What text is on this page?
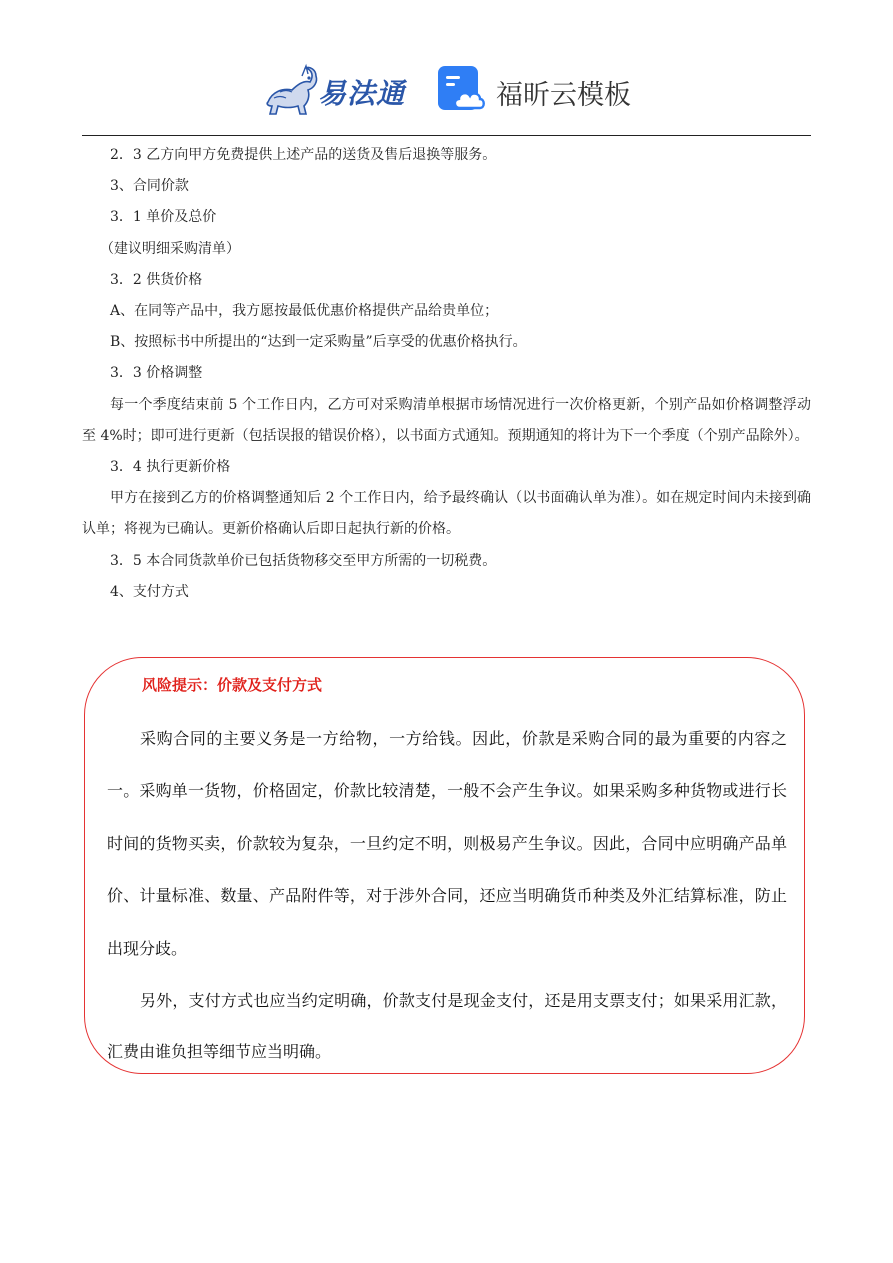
易法通	福昕云模板

2．3 乙方向甲方免费提供上述产品的送货及售后退换等服务。

3、合同价款

3．1 单价及总价

（建议明细采购清单）

3．2 供货价格

A、在同等产品中，我方愿按最低优惠价格提供产品给贵单位；

B、按照标书中所提出的“达到一定采购量”后享受的优惠价格执行。

3．3 价格调整

每一个季度结束前 5 个工作日内，乙方可对采购清单根据市场情况进行一次价格更新，个别产品如价格调整浮动至 4%时；即可进行更新（包括误报的错误价格），以书面方式通知。预期通知的将计为下一个季度（个别产品除外）。

3．4 执行更新价格

甲方在接到乙方的价格调整通知后 2 个工作日内，给予最终确认（以书面确认单为准）。如在规定时间内未接到确认单；将视为已确认。更新价格确认后即日起执行新的价格。

3．5 本合同货款单价已包括货物移交至甲方所需的一切税费。

4、支付方式

风险提示：价款及支付方式

采购合同的主要义务是一方给物，一方给钱。因此，价款是采购合同的最为重要的内容之一。采购单一货物，价格固定，价款比较清楚，一般不会产生争议。如果采购多种货物或进行长时间的货物买卖，价款较为复杂，一旦约定不明，则极易产生争议。因此，合同中应明确产品单价、计量标准、数量、产品附件等，对于涉外合同，还应当明确货币种类及外汇结算标准，防止出现分歧。

另外，支付方式也应当约定明确，价款支付是现金支付，还是用支票支付；如果采用汇款，汇费由谁负担等细节应当明确。
